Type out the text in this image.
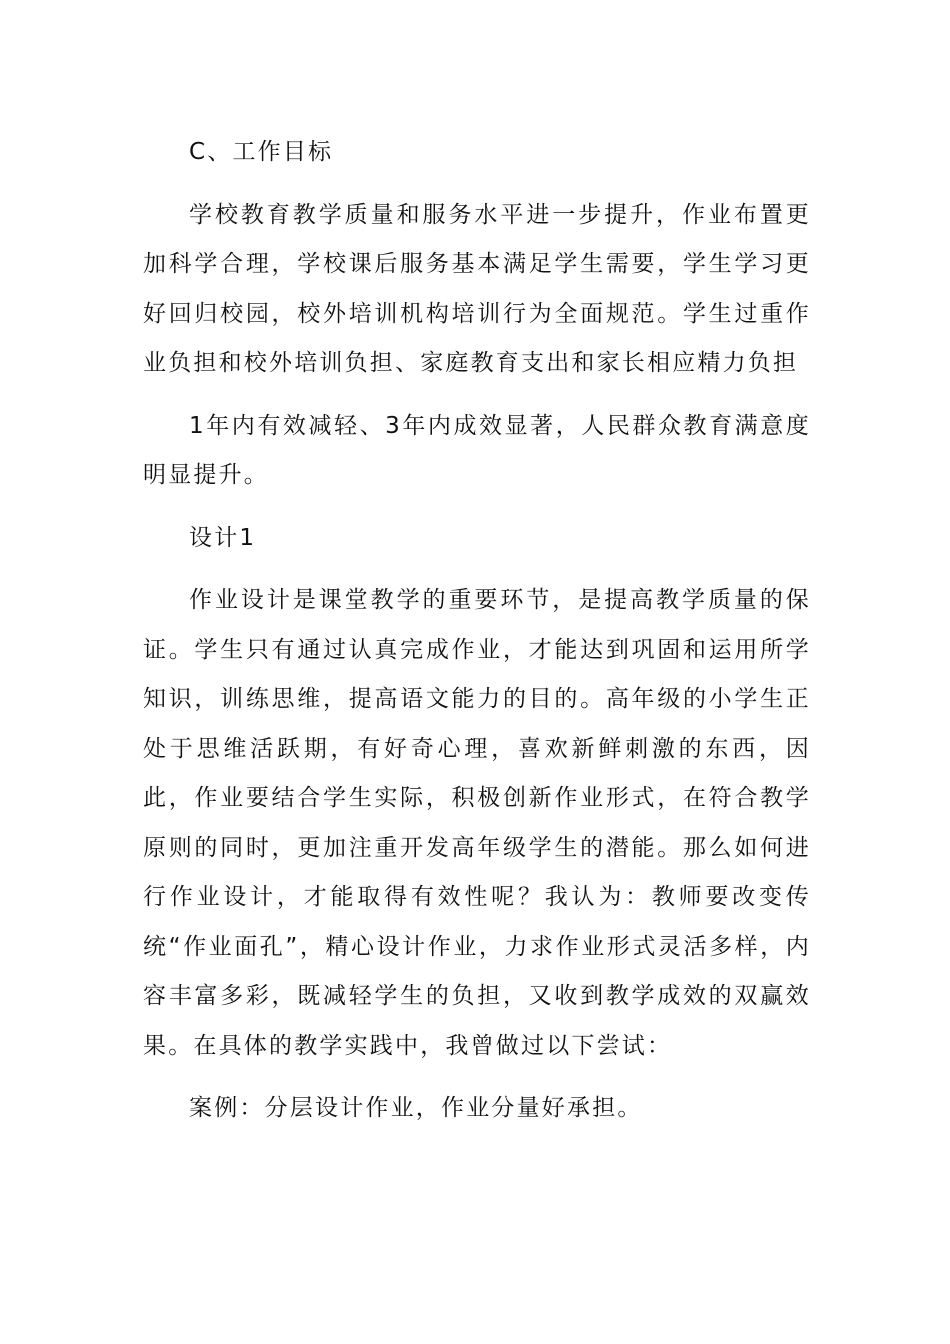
C、工作目标

学校教育教学质量和服务水平进一步提升，作业布置更加科学合理，学校课后服务基本满足学生需要，学生学习更好回归校园，校外培训机构培训行为全面规范。学生过重作业负担和校外培训负担、家庭教育支出和家长相应精力负担

1年内有效减轻、3年内成效显著，人民群众教育满意度明显提升。

设计1

作业设计是课堂教学的重要环节，是提高教学质量的保证。学生只有通过认真完成作业，才能达到巩固和运用所学知识，训练思维，提高语文能力的目的。高年级的小学生正处于思维活跃期，有好奇心理，喜欢新鲜刺激的东西，因此，作业要结合学生实际，积极创新作业形式，在符合教学原则的同时，更加注重开发高年级学生的潜能。那么如何进行作业设计，才能取得有效性呢？我认为：教师要改变传统“作业面孔”，精心设计作业，力求作业形式灵活多样，内容丰富多彩，既减轻学生的负担，又收到教学成效的双赢效果。在具体的教学实践中，我曾做过以下尝试：

案例：分层设计作业，作业分量好承担。
